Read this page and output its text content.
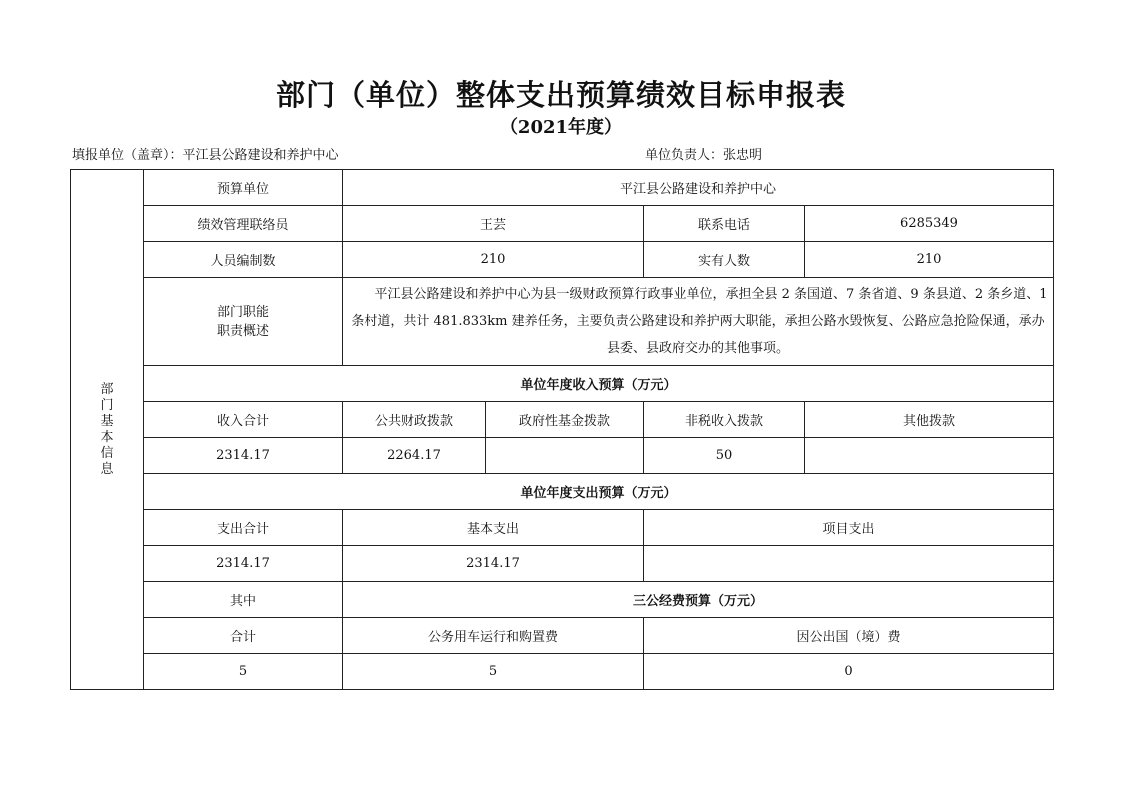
部门（单位）整体支出预算绩效目标申报表
（2021年度）
填报单位（盖章）：平江县公路建设和养护中心	单位负责人：张忠明
部门基本信息	预算单位	平江县公路建设和养护中心			
	绩效管理联络员	王芸		联系电话	6285349
	人员编制数	210		实有人数	210

	部门职能
职责概述	平江县公路建设和养护中心为县一级财政预算行政事业单位，承担全县 2 条国道、7 条省道、9 条县道、2 条乡道、1 条村道，共计 481.833km 建养任务，主要负责公路建设和养护两大职能，承担公路水毁恢复、公路应急抢险保通，承办县委、县政府交办的其他事项。			
	单位年度收入预算（万元）				
	收入合计	公共财政拨款	政府性基金拨款	非税收入拨款	其他拨款
	2314.17	2264.17		50	
	单位年度支出预算（万元）				
	支出合计	基本支出		项目支出	
	2314.17	2314.17			
	其中	三公经费预算（万元）			
	合计	公务用车运行和购置费		因公出国（境）费	
	5	5		0	
